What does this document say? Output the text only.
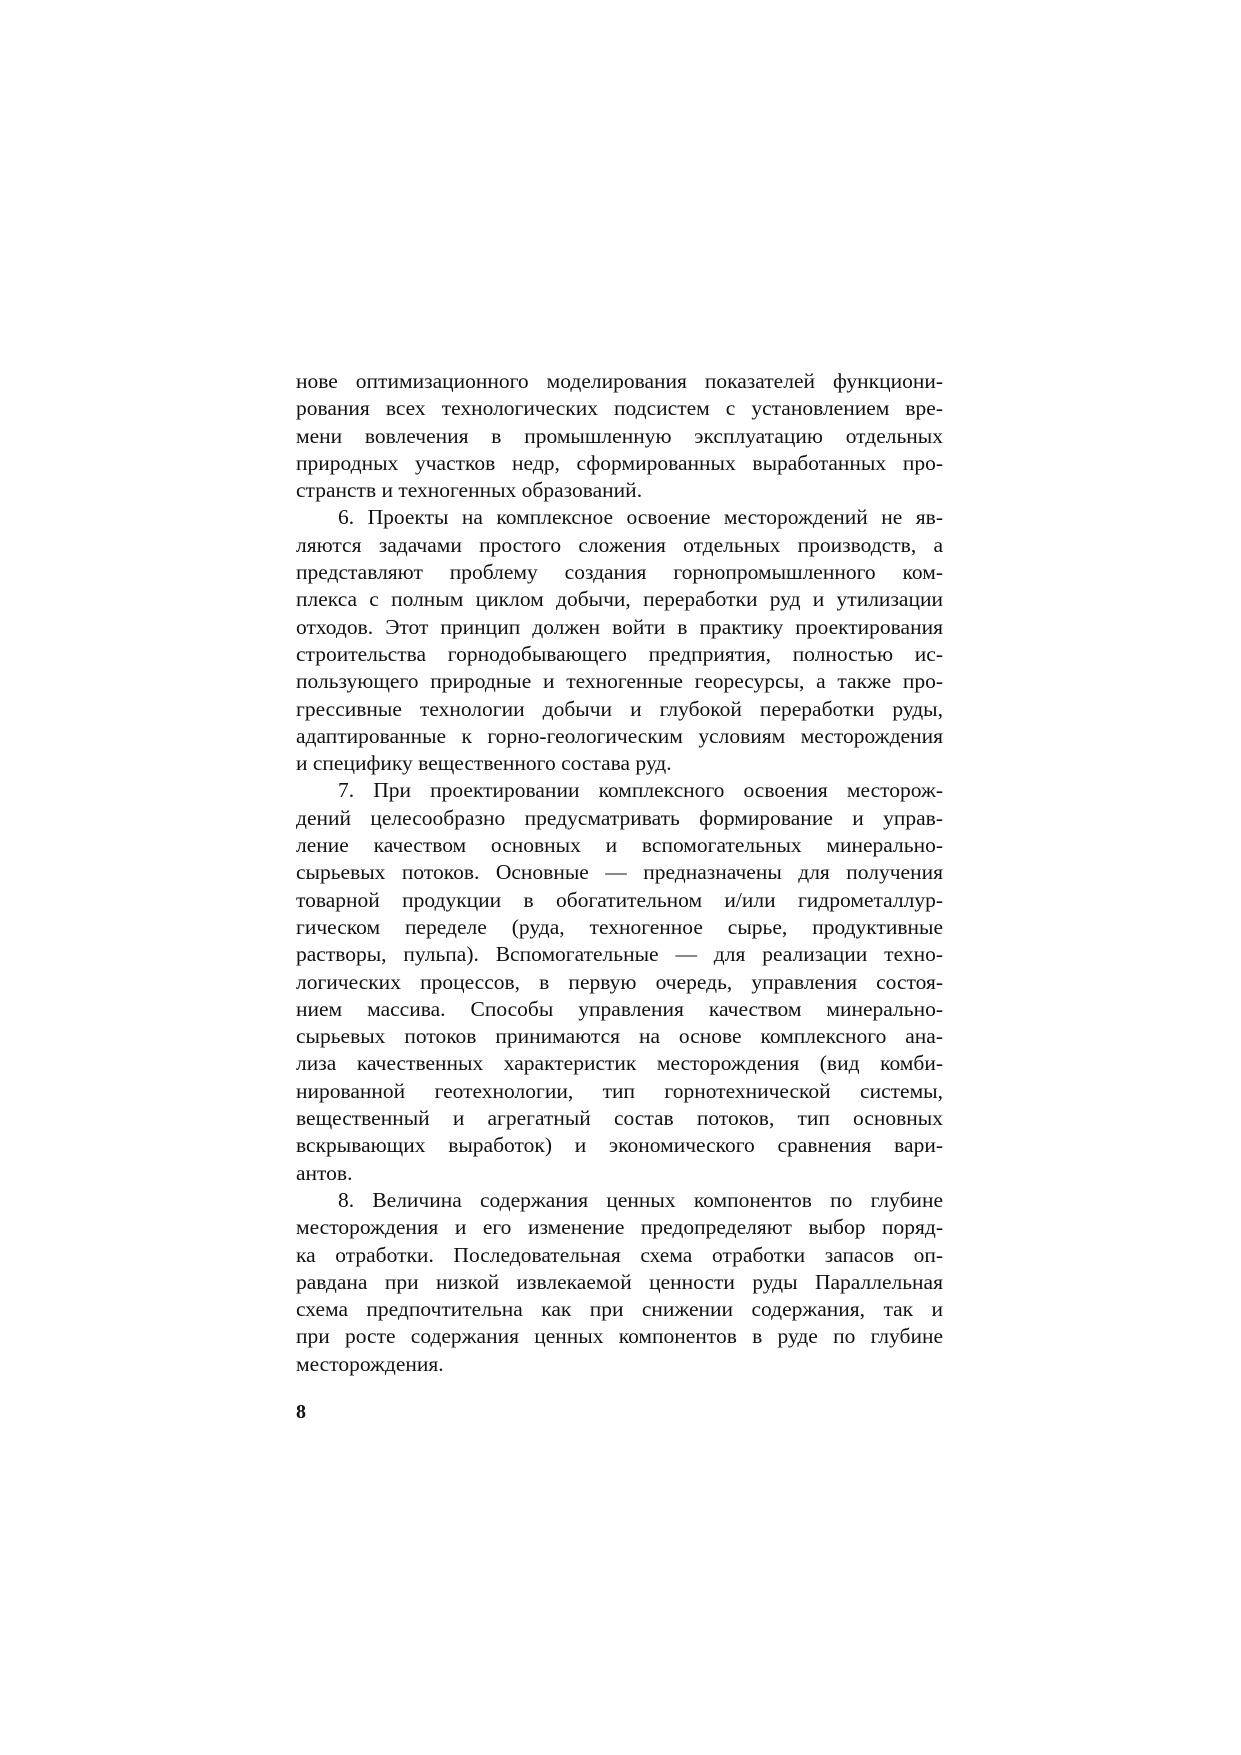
нове оптимизационного моделирования показателей функциони-
рования всех технологических подсистем с установлением вре-
мени вовлечения в промышленную эксплуатацию отдельных
природных участков недр, сформированных выработанных про-
странств и техногенных образований.
6. Проекты на комплексное освоение месторождений не яв-
ляются задачами простого сложения отдельных производств, а
представляют проблему создания горнопромышленного ком-
плекса с полным циклом добычи, переработки руд и утилизации
отходов. Этот принцип должен войти в практику проектирования
строительства горнодобывающего предприятия, полностью ис-
пользующего природные и техногенные георесурсы, а также про-
грессивные технологии добычи и глубокой переработки руды,
адаптированные к горно-геологическим условиям месторождения
и специфику вещественного состава руд.
7. При проектировании комплексного освоения месторож-
дений целесообразно предусматривать формирование и управ-
ление качеством основных и вспомогательных минерально-
сырьевых потоков. Основные — предназначены для получения
товарной продукции в обогатительном и/или гидрометаллур-
гическом переделе (руда, техногенное сырье, продуктивные
растворы, пульпа). Вспомогательные — для реализации техно-
логических процессов, в первую очередь, управления состоя-
нием массива. Способы управления качеством минерально-
сырьевых потоков принимаются на основе комплексного ана-
лиза качественных характеристик месторождения (вид комби-
нированной геотехнологии, тип горнотехнической системы,
вещественный и агрегатный состав потоков, тип основных
вскрывающих выработок) и экономического сравнения вари-
антов.
8. Величина содержания ценных компонентов по глубине
месторождения и его изменение предопределяют выбор поряд-
ка отработки. Последовательная схема отработки запасов оп-
равдана при низкой извлекаемой ценности руды Параллельная
схема предпочтительна как при снижении содержания, так и
при росте содержания ценных компонентов в руде по глубине
месторождения.
8
